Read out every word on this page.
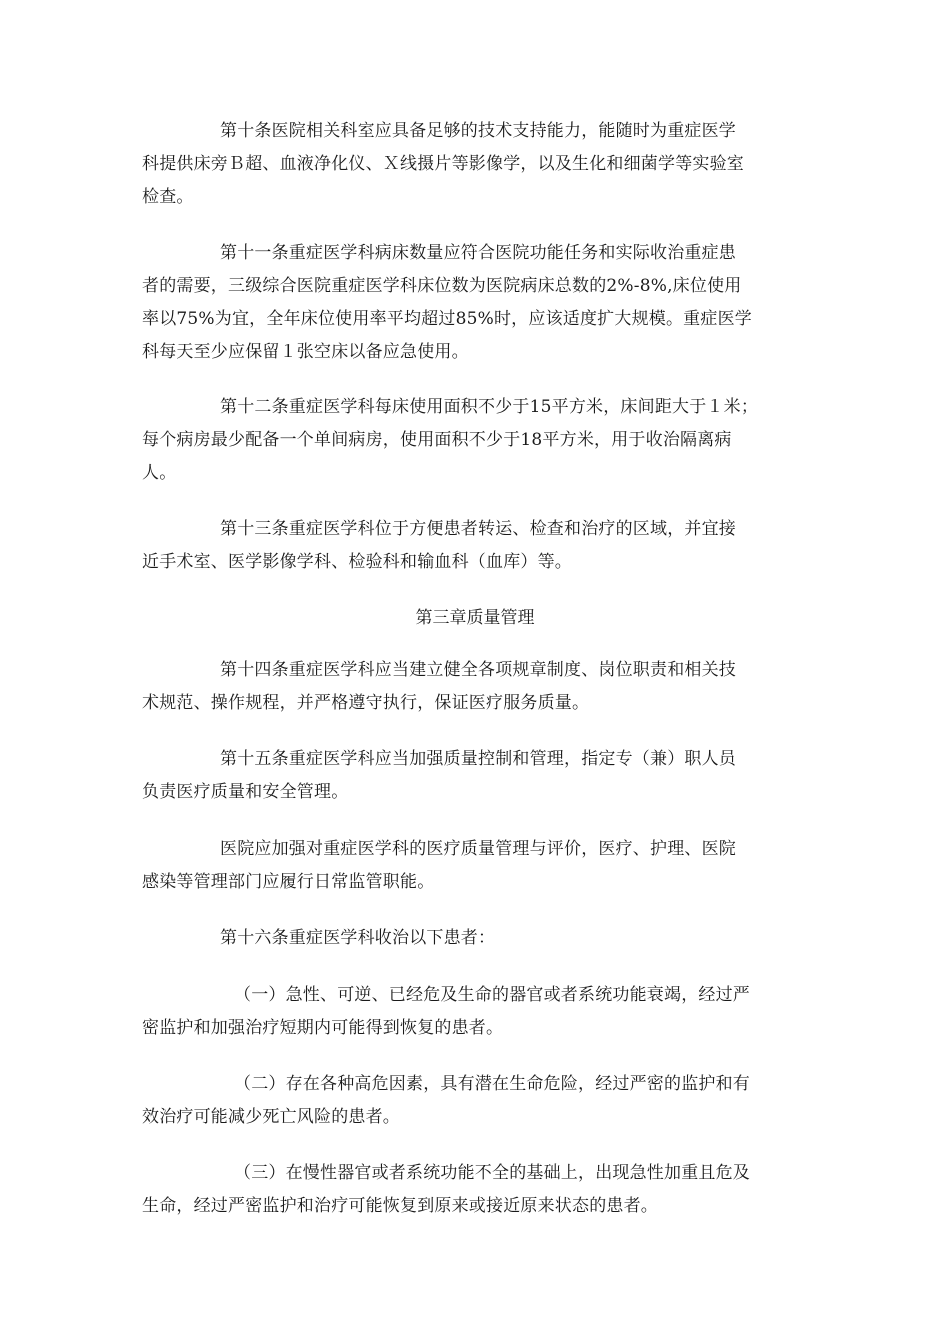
第十条医院相关科室应具备足够的技术支持能力，能随时为重症医学
科提供床旁Ｂ超、血液净化仪、Ｘ线摄片等影像学，以及生化和细菌学等实验室
检查。
第十一条重症医学科病床数量应符合医院功能任务和实际收治重症患
者的需要，三级综合医院重症医学科床位数为医院病床总数的2%-8%,床位使用
率以75%为宜，全年床位使用率平均超过85%时，应该适度扩大规模。重症医学
科每天至少应保留１张空床以备应急使用。
第十二条重症医学科每床使用面积不少于15平方米，床间距大于１米；
每个病房最少配备一个单间病房，使用面积不少于18平方米，用于收治隔离病
人。
第十三条重症医学科位于方便患者转运、检查和治疗的区域，并宜接
近手术室、医学影像学科、检验科和输血科（血库）等。
第三章质量管理
第十四条重症医学科应当建立健全各项规章制度、岗位职责和相关技
术规范、操作规程，并严格遵守执行，保证医疗服务质量。
第十五条重症医学科应当加强质量控制和管理，指定专（兼）职人员
负责医疗质量和安全管理。
医院应加强对重症医学科的医疗质量管理与评价，医疗、护理、医院
感染等管理部门应履行日常监管职能。
第十六条重症医学科收治以下患者：
（一）急性、可逆、已经危及生命的器官或者系统功能衰竭，经过严
密监护和加强治疗短期内可能得到恢复的患者。
（二）存在各种高危因素，具有潜在生命危险，经过严密的监护和有
效治疗可能减少死亡风险的患者。
（三）在慢性器官或者系统功能不全的基础上，出现急性加重且危及
生命，经过严密监护和治疗可能恢复到原来或接近原来状态的患者。
